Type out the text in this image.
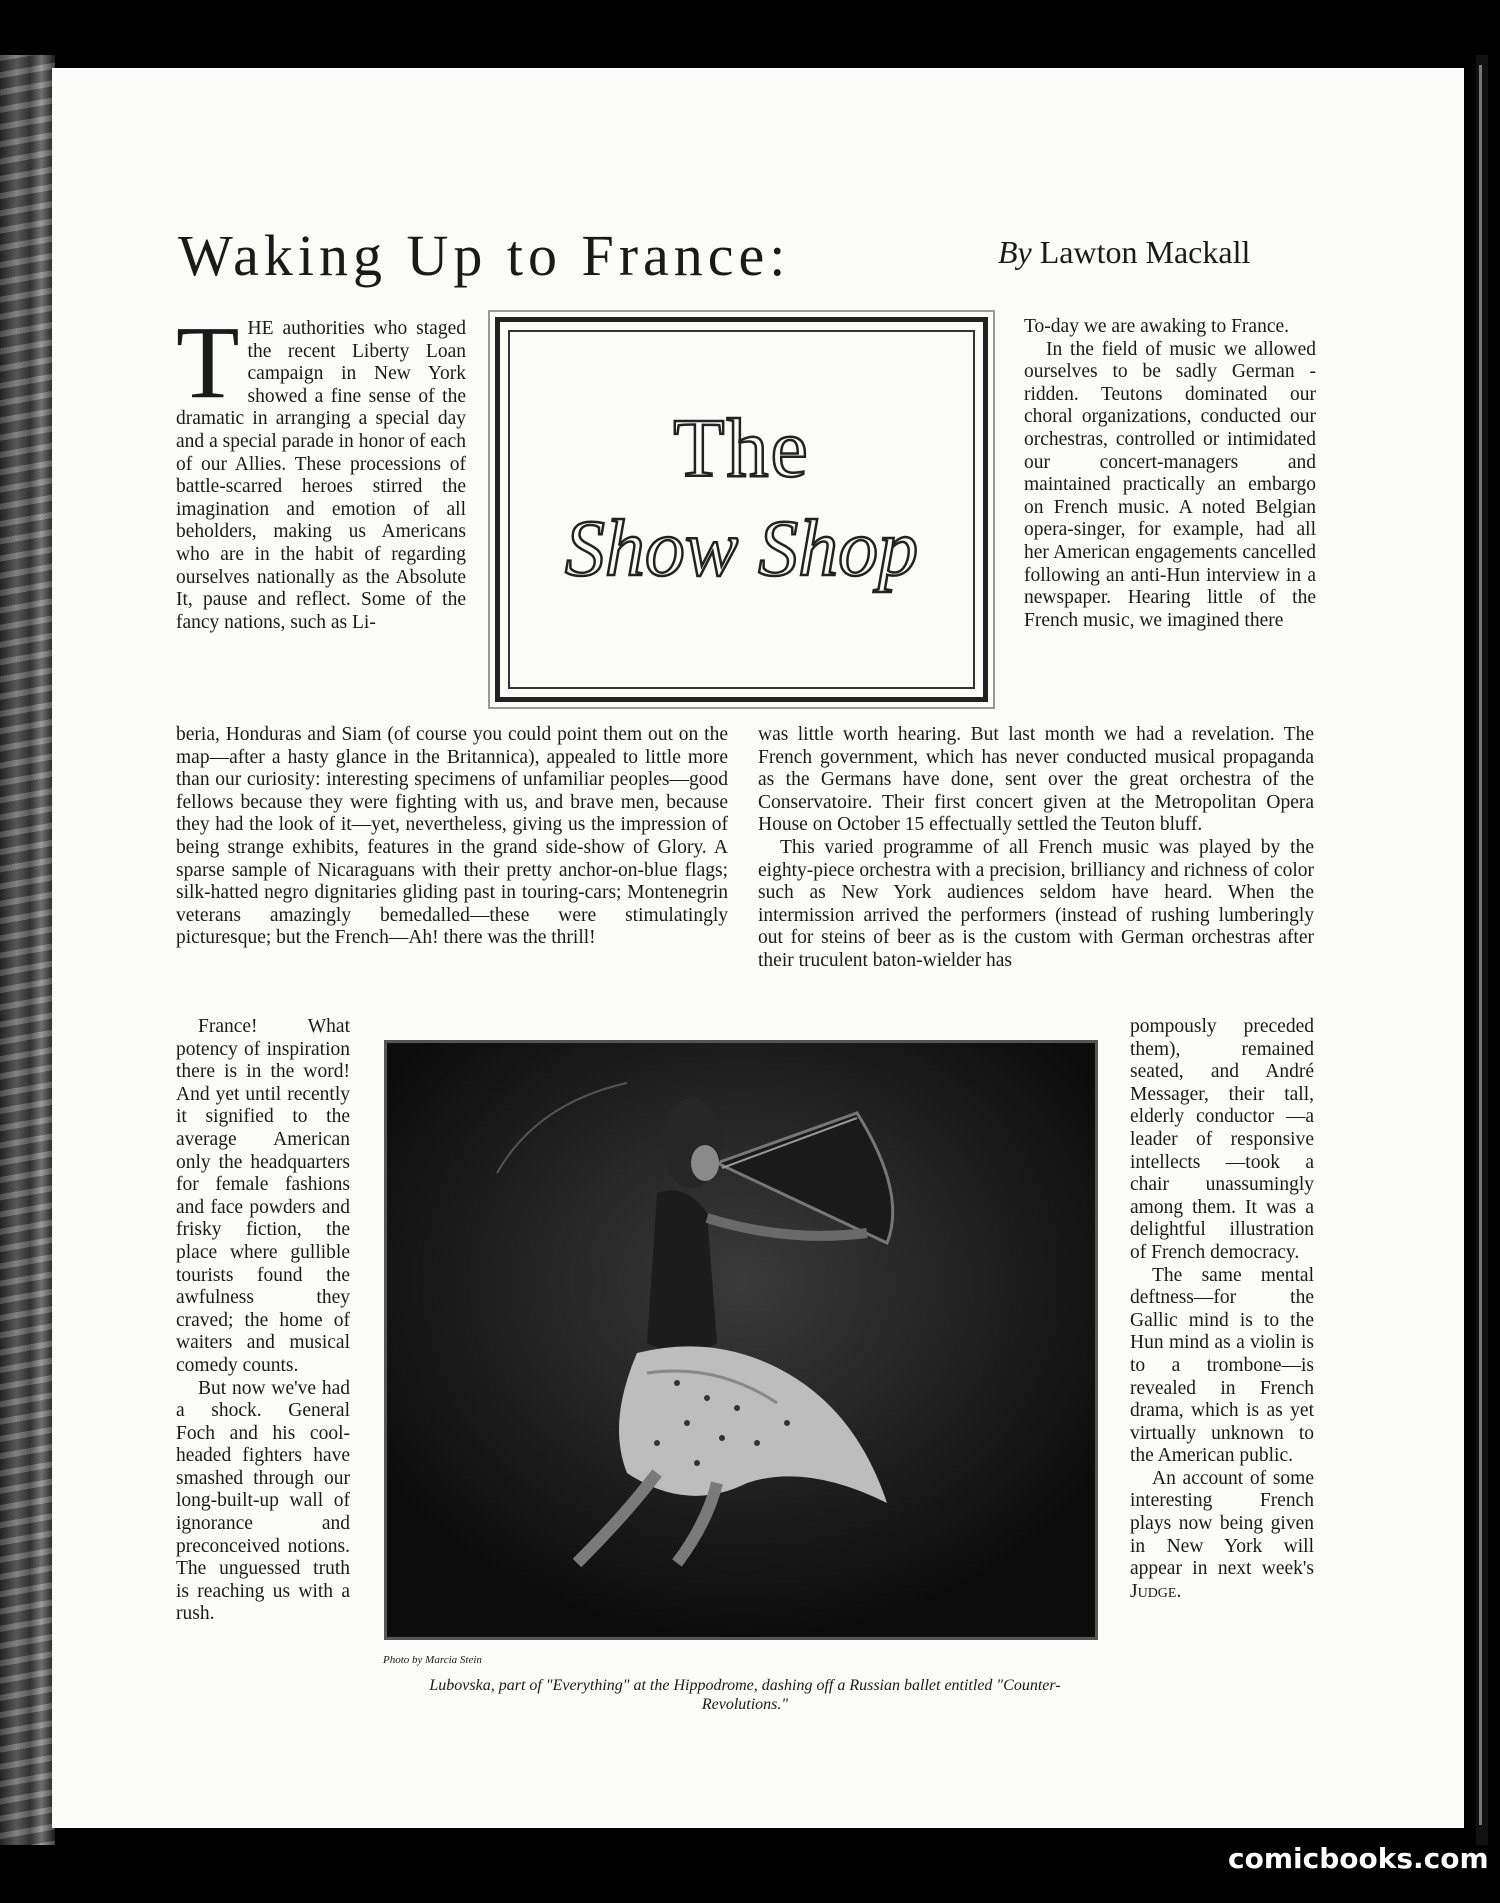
Waking Up to France:	By Lawton Mackall
T HE authorities who staged the recent Liberty Loan campaign in New York showed a fine sense of the dramatic in arranging a special day and a special parade in honor of each of our Allies. These processions of battle-scarred heroes stirred the imagination and emotion of all beholders, making us Americans who are in the habit of regarding ourselves nationally as the Absolute It, pause and reflect. Some of the fancy nations, such as Li-

beria, Honduras and Siam (of course you could point them out on the map—after a hasty glance in the Britannica), appealed to little more than our curiosity: interesting specimens of unfamiliar peoples—good fellows because they were fighting with us, and brave men, because they had the look of it—yet, nevertheless, giving us the impression of being strange exhibits, features in the grand side-show of Glory. A sparse sample of Nicaraguans with their pretty anchor-on-blue flags; silk-hatted negro dignitaries gliding past in touring-cars; Montenegrin veterans amazingly bemedalled—these were stimulatingly picturesque; but the French—Ah! there was the thrill!

France! What potency of inspiration there is in the word! And yet until recently it signified to the average American only the headquarters for female fashions and face powders and frisky fiction, the place where gullible tourists found the awfulness they craved; the home of waiters and musical comedy counts.

But now we've had a shock. General Foch and his cool-headed fighters have smashed through our long-built-up wall of ignorance and preconceived notions. The unguessed truth is reaching us with a rush.

The
Show Shop

To-day we are awaking to France.

In the field of music we allowed ourselves to be sadly German - ridden. Teutons dominated our choral organizations, conducted our orchestras, controlled or intimidated our concert-managers and maintained practically an embargo on French music. A noted Belgian opera-singer, for example, had all her American engagements cancelled following an anti-Hun interview in a newspaper. Hearing little of the French music, we imagined there

was little worth hearing. But last month we had a revelation. The French government, which has never conducted musical propaganda as the Germans have done, sent over the great orchestra of the Conservatoire. Their first concert given at the Metropolitan Opera House on October 15 effectually settled the Teuton bluff.

This varied programme of all French music was played by the eighty-piece orchestra with a precision, brilliancy and richness of color such as New York audiences seldom have heard. When the intermission arrived the performers (instead of rushing lumberingly out for steins of beer as is the custom with German orchestras after their truculent baton-wielder has

pompously preceded them), remained seated, and André Messager, their tall, elderly conductor —a leader of responsive intellects —took a chair unassumingly among them. It was a delightful illustration of French democracy.

The same mental deftness—for the Gallic mind is to the Hun mind as a violin is to a trombone—is revealed in French drama, which is as yet virtually unknown to the American public.

An account of some interesting French plays now being given in New York will appear in next week's Judge.

Photo by Marcia Stein
Lubovska, part of "Everything" at the Hippodrome, dashing off a Russian ballet entitled "Counter-Revolutions."
comicbooks.com
